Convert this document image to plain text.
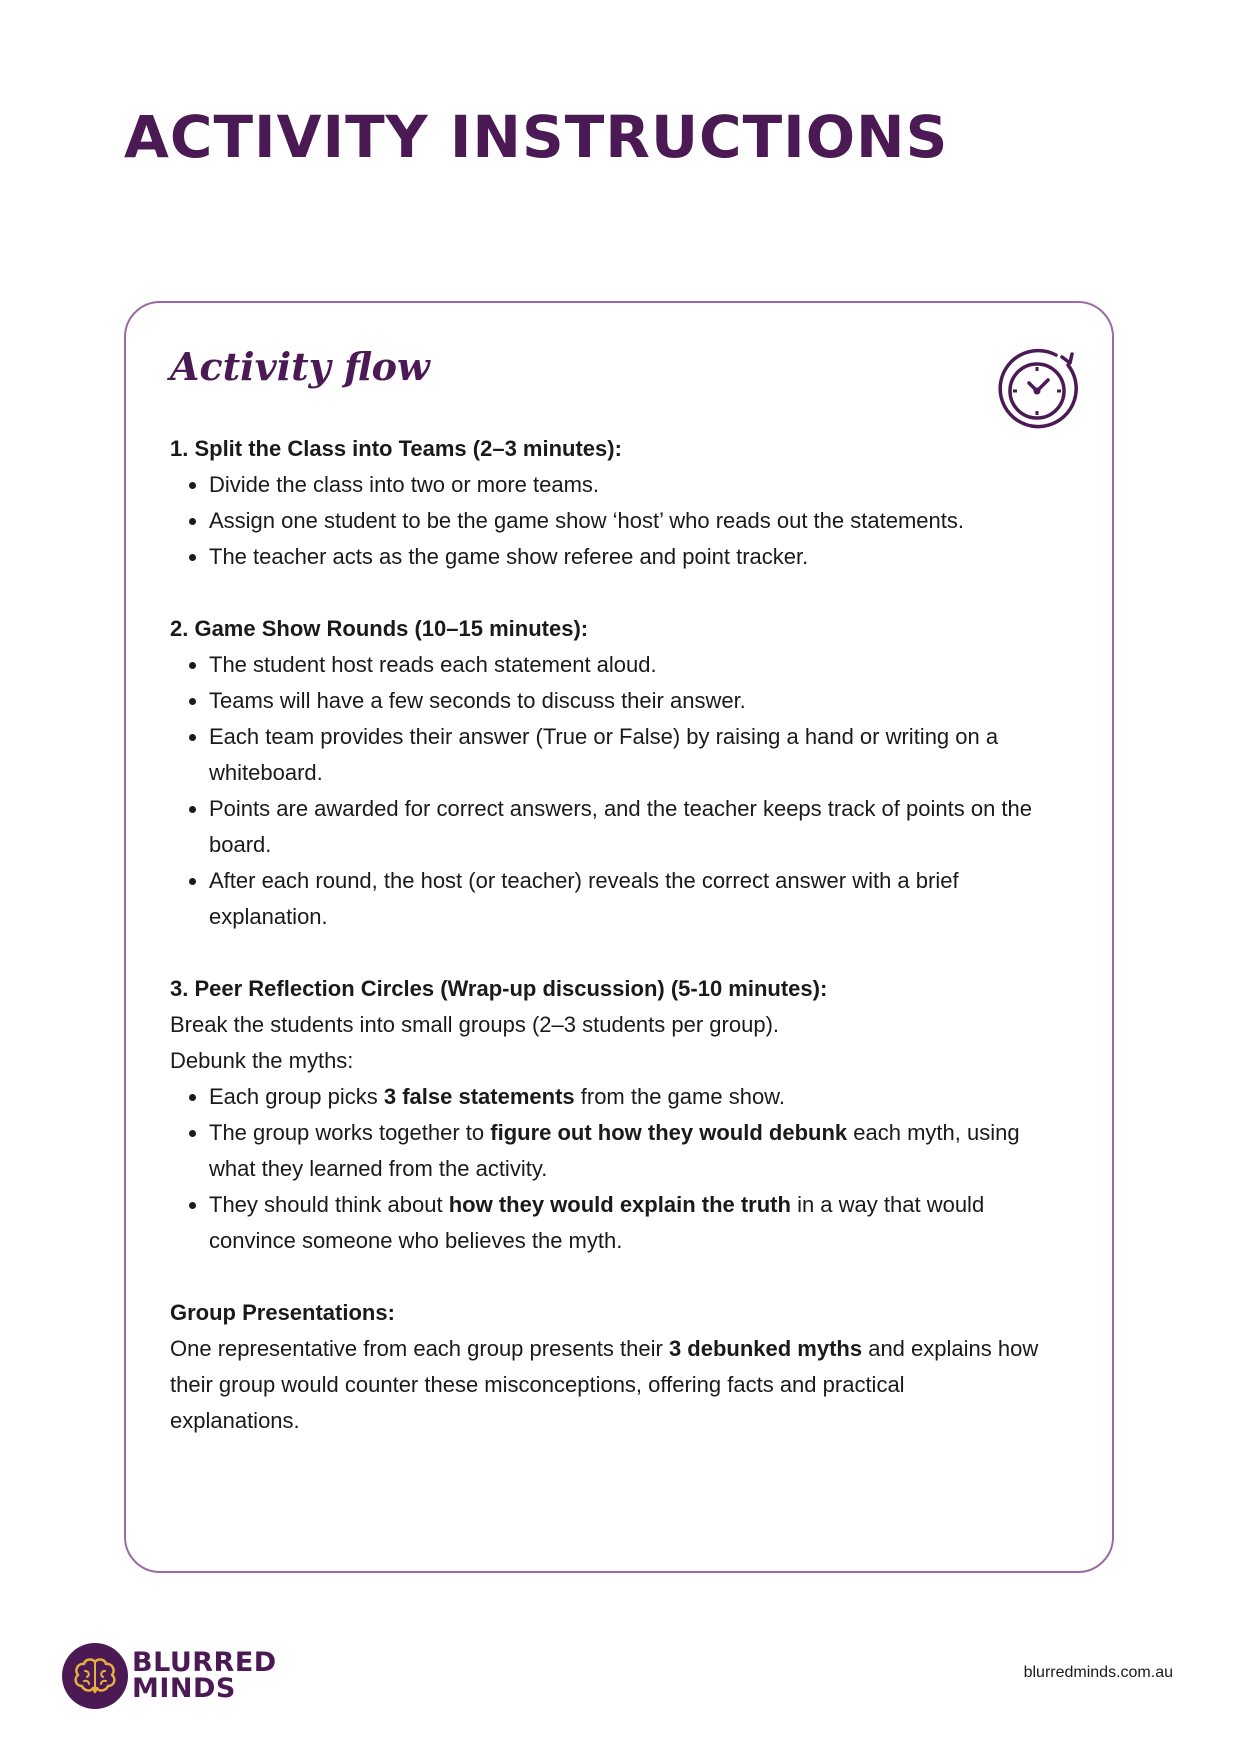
ACTIVITY INSTRUCTIONS
Activity flow

1. Split the Class into Teams (2–3 minutes):

• Divide the class into two or more teams.
• Assign one student to be the game show ‘host’ who reads out the statements.
• The teacher acts as the game show referee and point tracker.

2. Game Show Rounds (10–15 minutes):

• The student host reads each statement aloud.
• Teams will have a few seconds to discuss their answer.
• Each team provides their answer (True or False) by raising a hand or writing on a whiteboard.
• Points are awarded for correct answers, and the teacher keeps track of points on the board.
• After each round, the host (or teacher) reveals the correct answer with a brief explanation.

3. Peer Reflection Circles (Wrap-up discussion) (5-10 minutes):

Break the students into small groups (2–3 students per group).

Debunk the myths:

• Each group picks 3 false statements from the game show.
• The group works together to figure out how they would debunk each myth, using what they learned from the activity.
• They should think about how they would explain the truth in a way that would convince someone who believes the myth.

Group Presentations:

One representative from each group presents their 3 debunked myths and explains how their group would counter these misconceptions, offering facts and practical explanations.

BLURRED
MINDS
blurredminds.com.au
